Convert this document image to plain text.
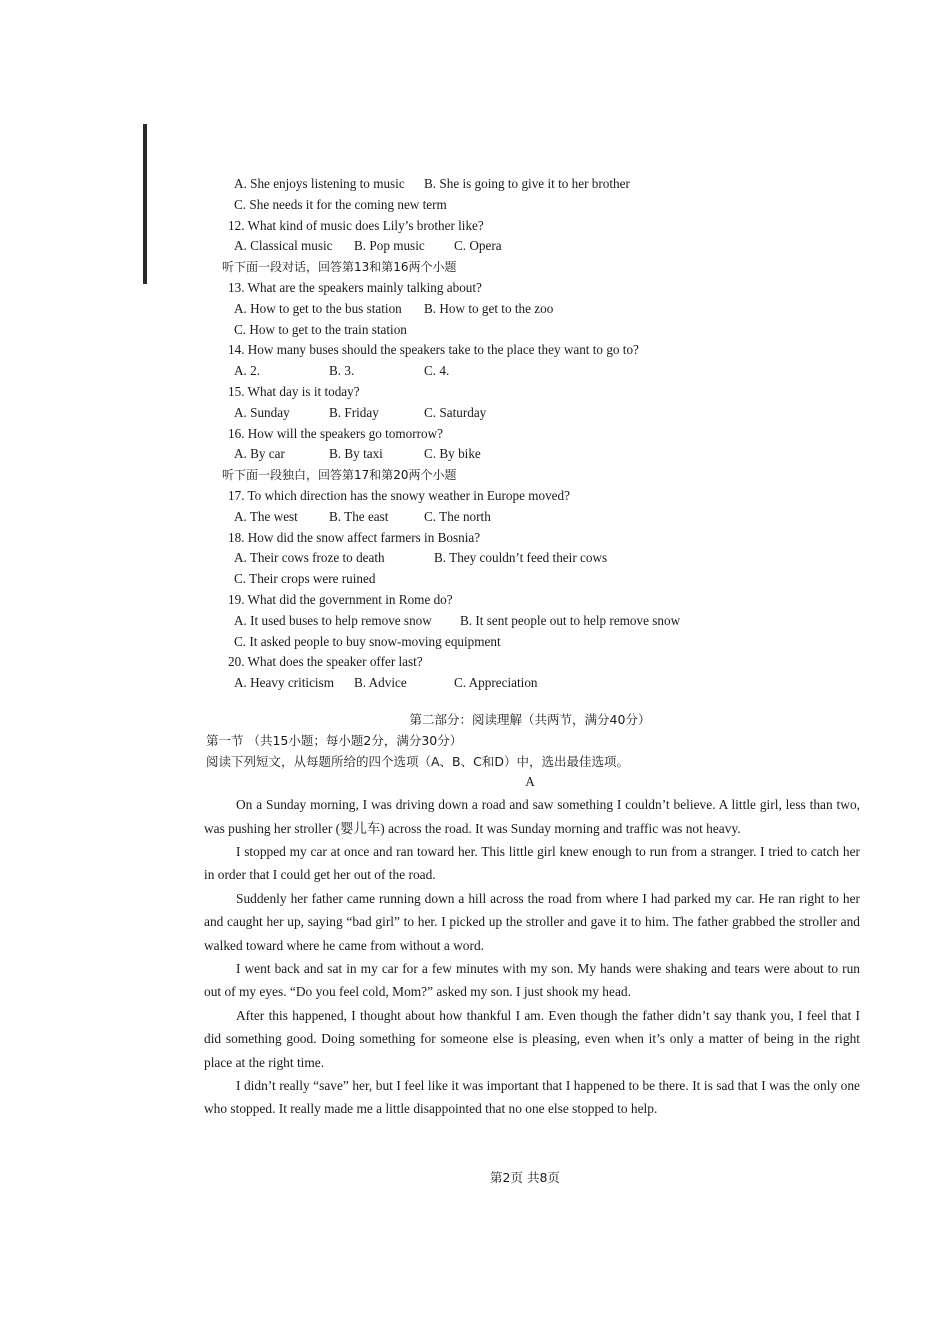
A. She enjoys listening to music B. She is going to give it to her brother
C. She needs it for the coming new term
12. What kind of music does Lily’s brother like?
A. Classical music B. Pop music C. Opera
听下面一段对话，回答第13和第16两个小题
13. What are the speakers mainly talking about?
A. How to get to the bus station B. How to get to the zoo
C. How to get to the train station
14. How many buses should the speakers take to the place they want to go to?
A. 2.	B. 3.	C. 4.
15. What day is it today?
A. Sunday	B. Friday	C. Saturday
16. How will the speakers go tomorrow?
A. By car	B. By taxi	C. By bike
听下面一段独白，回答第17和第20两个小题
17. To which direction has the snowy weather in Europe moved?
A. The west B. The east	C. The north
18. How did the snow affect farmers in Bosnia?
A. Their cows froze to death	B. They couldn’t feed their cows
C. Their crops were ruined
19. What did the government in Rome do?
A. It used buses to help remove snow B. It sent people out to help remove snow
C. It asked people to buy snow-moving equipment
20. What does the speaker offer last?
A. Heavy criticism B. Advice	C. Appreciation
第二部分：阅读理解（共两节，满分40分）
第一节 （共15小题；每小题2分，满分30分）
阅读下列短文，从每题所给的四个选项（A、B、C和D）中，选出最佳选项。
A
On a Sunday morning, I was driving down a road and saw something I couldn’t believe. A little girl, less than two, was pushing her stroller (婴儿车) across the road. It was Sunday morning and traffic was not heavy.
I stopped my car at once and ran toward her. This little girl knew enough to run from a stranger. I tried to catch her in order that I could get her out of the road.
Suddenly her father came running down a hill across the road from where I had parked my car. He ran right to her and caught her up, saying “bad girl” to her. I picked up the stroller and gave it to him. The father grabbed the stroller and walked toward where he came from without a word.
I went back and sat in my car for a few minutes with my son. My hands were shaking and tears were about to run out of my eyes. “Do you feel cold, Mom?” asked my son. I just shook my head.
After this happened, I thought about how thankful I am. Even though the father didn’t say thank you, I feel that I did something good. Doing something for someone else is pleasing, even when it’s only a matter of being in the right place at the right time.
I didn’t really “save” her, but I feel like it was important that I happened to be there. It is sad that I was the only one who stopped. It really made me a little disappointed that no one else stopped to help.
第2页 共8页
